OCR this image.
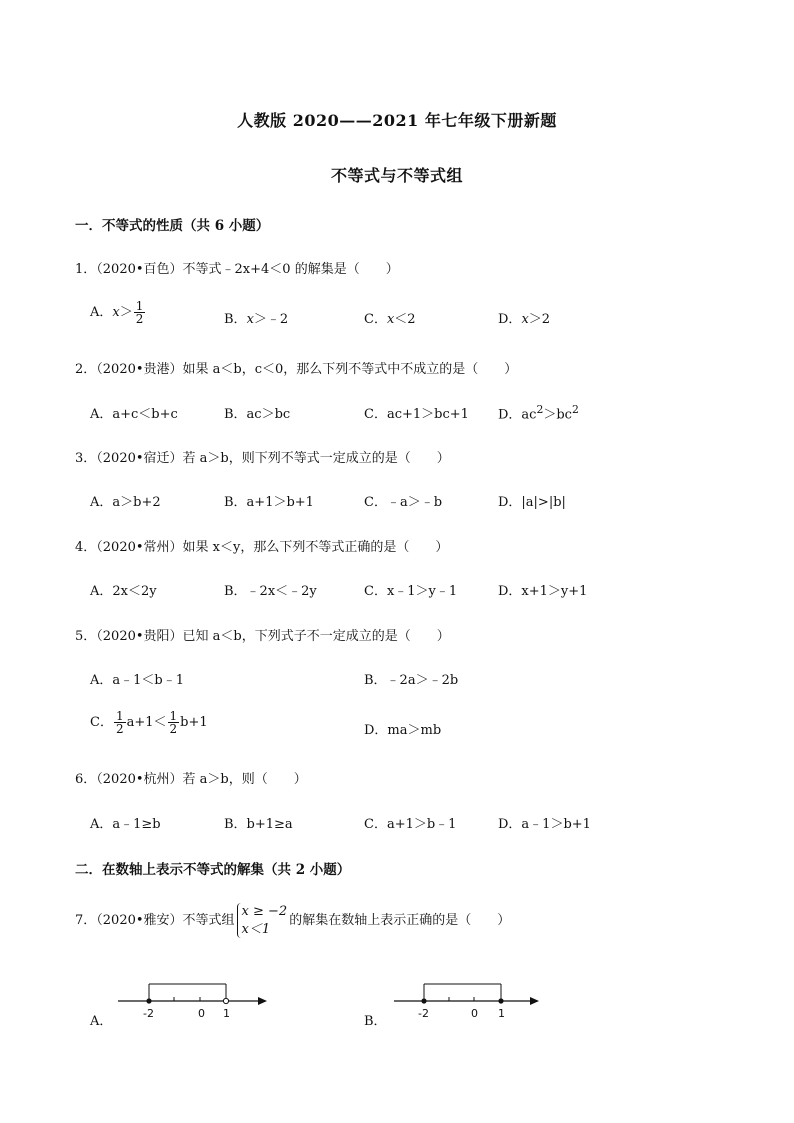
人教版 2020——2021 年七年级下册新题
不等式与不等式组
一．不等式的性质（共 6 小题）
1．（2020•百色）不等式﹣2x+4＜0 的解集是（　　）
A．$x> \frac{1}{2}$	B．x＞﹣2	C．x＜2	D．x＞2
2．（2020•贵港）如果 a＜b，c＜0，那么下列不等式中不成立的是（　　）
A．a+c＜b+c	B．ac＞bc	C．ac+1＞bc+1 D．$ac^2>bc^2$
3．（2020•宿迁）若 a＞b，则下列不等式一定成立的是（　　）
A．a＞b+2	B．a+1＞b+1	C．﹣a＞﹣b	D．|a|>|b|
4．（2020•常州）如果 x＜y，那么下列不等式正确的是（　　）
A．2x＜2y	B．﹣2x＜﹣2y	C．x﹣1＞y﹣1	D．x+1＞y+1
5．（2020•贵阳）已知 a＜b，下列式子不一定成立的是（　　）
A．a﹣1＜b﹣1	B．﹣2a＞﹣2b
C． $\frac{1}{2} a+1< \frac{1}{2} b+1$
D．ma＞mb
6．（2020•杭州）若 a＞b，则（　　）
A．a﹣1≥b	B．b+1≥a	C．a+1＞b﹣1	D．a﹣1＞b+1
二．在数轴上表示不等式的解集（共 2 小题）
7．（2020•雅安）不等式组
x ≥ −2
x＜1
的解集在数轴上表示正确的是（　　）
A．
-2	0 1
B．
-2	0 1
